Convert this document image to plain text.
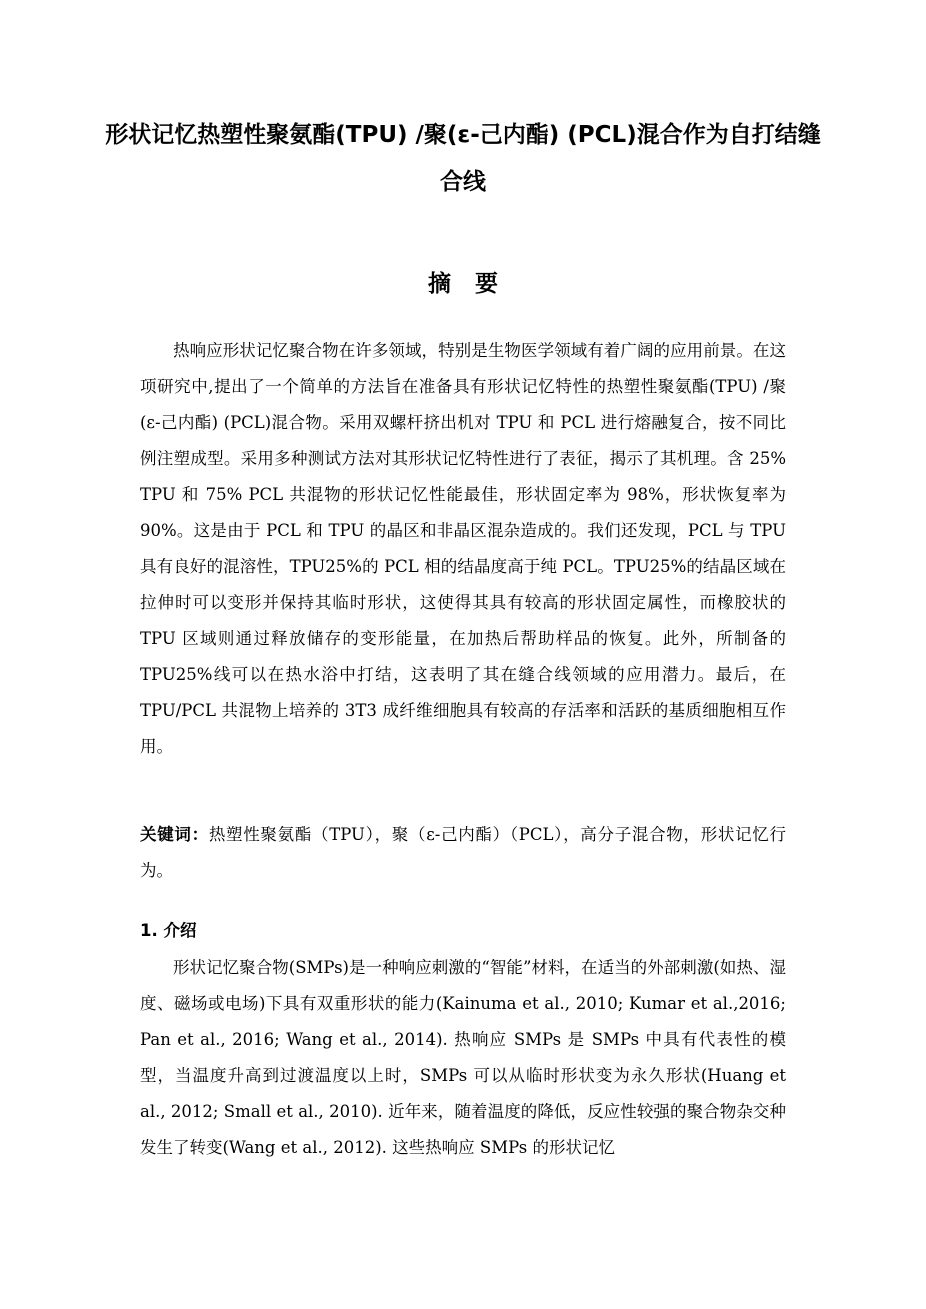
形状记忆热塑性聚氨酯(TPU) /聚(ε-己内酯) (PCL)混合作为自打结缝合线
摘要

热响应形状记忆聚合物在许多领域，特别是生物医学领域有着广阔的应用前景。在这项研究中,提出了一个简单的方法旨在准备具有形状记忆特性的热塑性聚氨酯(TPU) /聚(ε-己内酯) (PCL)混合物。采用双螺杆挤出机对 TPU 和 PCL 进行熔融复合，按不同比例注塑成型。采用多种测试方法对其形状记忆特性进行了表征，揭示了其机理。含 25% TPU 和 75% PCL 共混物的形状记忆性能最佳，形状固定率为 98%，形状恢复率为 90%。这是由于 PCL 和 TPU 的晶区和非晶区混杂造成的。我们还发现，PCL 与 TPU 具有良好的混溶性，TPU25%的 PCL 相的结晶度高于纯 PCL。TPU25%的结晶区域在拉伸时可以变形并保持其临时形状，这使得其具有较高的形状固定属性，而橡胶状的 TPU 区域则通过释放储存的变形能量，在加热后帮助样品的恢复。此外，所制备的 TPU25%线可以在热水浴中打结，这表明了其在缝合线领域的应用潜力。最后，在 TPU/PCL 共混物上培养的 3T3 成纤维细胞具有较高的存活率和活跃的基质细胞相互作用。

关键词：热塑性聚氨酯（TPU），聚（ε-己内酯）（PCL），高分子混合物，形状记忆行为。

1. 介绍

形状记忆聚合物(SMPs)是一种响应刺激的“智能”材料，在适当的外部刺激(如热、湿度、磁场或电场)下具有双重形状的能力(Kainuma et al., 2010; Kumar et al.,2016; Pan et al., 2016; Wang et al., 2014). 热响应 SMPs 是 SMPs 中具有代表性的模型，当温度升高到过渡温度以上时，SMPs 可以从临时形状变为永久形状(Huang et al., 2012; Small et al., 2010). 近年来，随着温度的降低，反应性较强的聚合物杂交种发生了转变(Wang et al., 2012). 这些热响应 SMPs 的形状记忆
